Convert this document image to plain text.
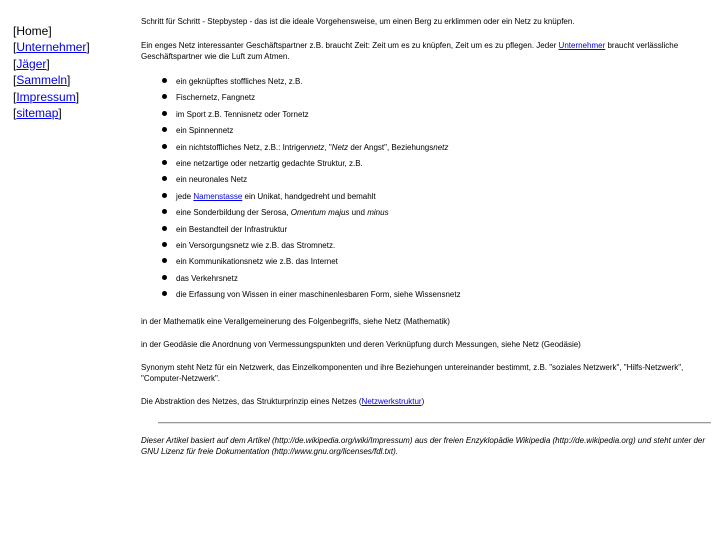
[Home]
[Unternehmer]
[Jäger]
[Sammeln]
[Impressum]
[sitemap]

Schritt für Schritt - Stepbystep - das ist die ideale Vorgehensweise, um einen Berg zu erklimmen oder ein Netz zu knüpfen.

Ein enges Netz interessanter Geschäftspartner z.B. braucht Zeit: Zeit um es zu knüpfen, Zeit um es zu pflegen. Jeder Unternehmer braucht verlässliche Geschäftspartner wie die Luft zum Atmen.

ein geknüpftes stoffliches Netz, z.B.
Fischernetz, Fangnetz
im Sport z.B. Tennisnetz oder Tornetz
ein Spinnennetz
ein nichtstoffliches Netz, z.B.: Intrigennetz, "Netz der Angst", Beziehungsnetz
eine netzartige oder netzartig gedachte Struktur, z.B.
ein neuronales Netz
jede Namenstasse ein Unikat, handgedreht und bemahlt
eine Sonderbildung der Serosa, Omentum majus und minus
ein Bestandteil der Infrastruktur
ein Versorgungsnetz wie z.B. das Stromnetz.
ein Kommunikationsnetz wie z.B. das Internet
das Verkehrsnetz
die Erfassung von Wissen in einer maschinenlesbaren Form, siehe Wissensnetz

in der Mathematik eine Verallgemeinerung des Folgenbegriffs, siehe Netz (Mathematik)

in der Geodäsie die Anordnung von Vermessungspunkten und deren Verknüpfung durch Messungen, siehe Netz (Geodäsie)

Synonym steht Netz für ein Netzwerk, das Einzelkomponenten und ihre Beziehungen untereinander bestimmt, z.B. "soziales Netzwerk", "Hilfs-Netzwerk", "Computer-Netzwerk".

Die Abstraktion des Netzes, das Strukturprinzip eines Netzes (Netzwerkstruktur)

Dieser Artikel basiert auf dem Artikel (http://de.wikipedia.org/wiki/Impressum) aus der freien Enzyklopädie Wikipedia (http://de.wikipedia.org) und steht unter der GNU Lizenz für freie Dokumentation (http://www.gnu.org/licenses/fdl.txt).
